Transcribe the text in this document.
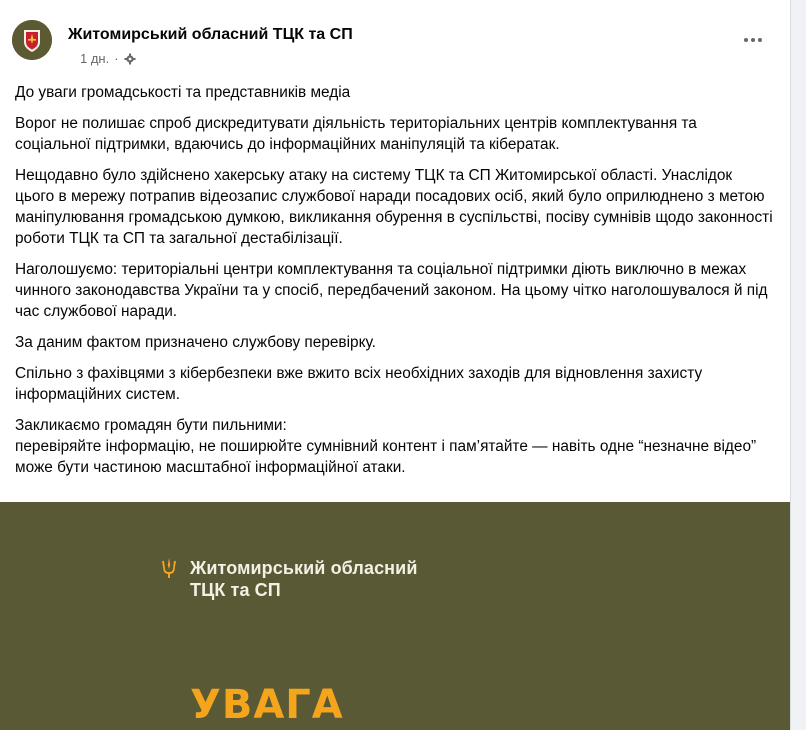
Житомирський обласний ТЦК та СП
1 дн. ·

До уваги громадськості та представників медіа

Ворог не полишає спроб дискредитувати діяльність територіальних центрів комплектування та соціальної підтримки, вдаючись до інформаційних маніпуляцій та кібератак.

Нещодавно було здійснено хакерську атаку на систему ТЦК та СП Житомирської області. Унаслідок цього в мережу потрапив відеозапис службової наради посадових осіб, який було оприлюднено з метою маніпулювання громадською думкою, викликання обурення в суспільстві, посіву сумнівів щодо законності роботи ТЦК та СП та загальної дестабілізації.

Наголошуємо: територіальні центри комплектування та соціальної підтримки діють виключно в межах чинного законодавства України та у спосіб, передбачений законом. На цьому чітко наголошувалося й під час службової наради.

За даним фактом призначено службову перевірку.

Спільно з фахівцями з кібербезпеки вже вжито всіх необхідних заходів для відновлення захисту інформаційних систем.

Закликаємо громадян бути пильними:
перевіряйте інформацію, не поширюйте сумнівний контент і пам’ятайте — навіть одне “незначне відео” може бути частиною масштабної інформаційної атаки.

Житомирський обласний
ТЦК та СП
УВАГА
